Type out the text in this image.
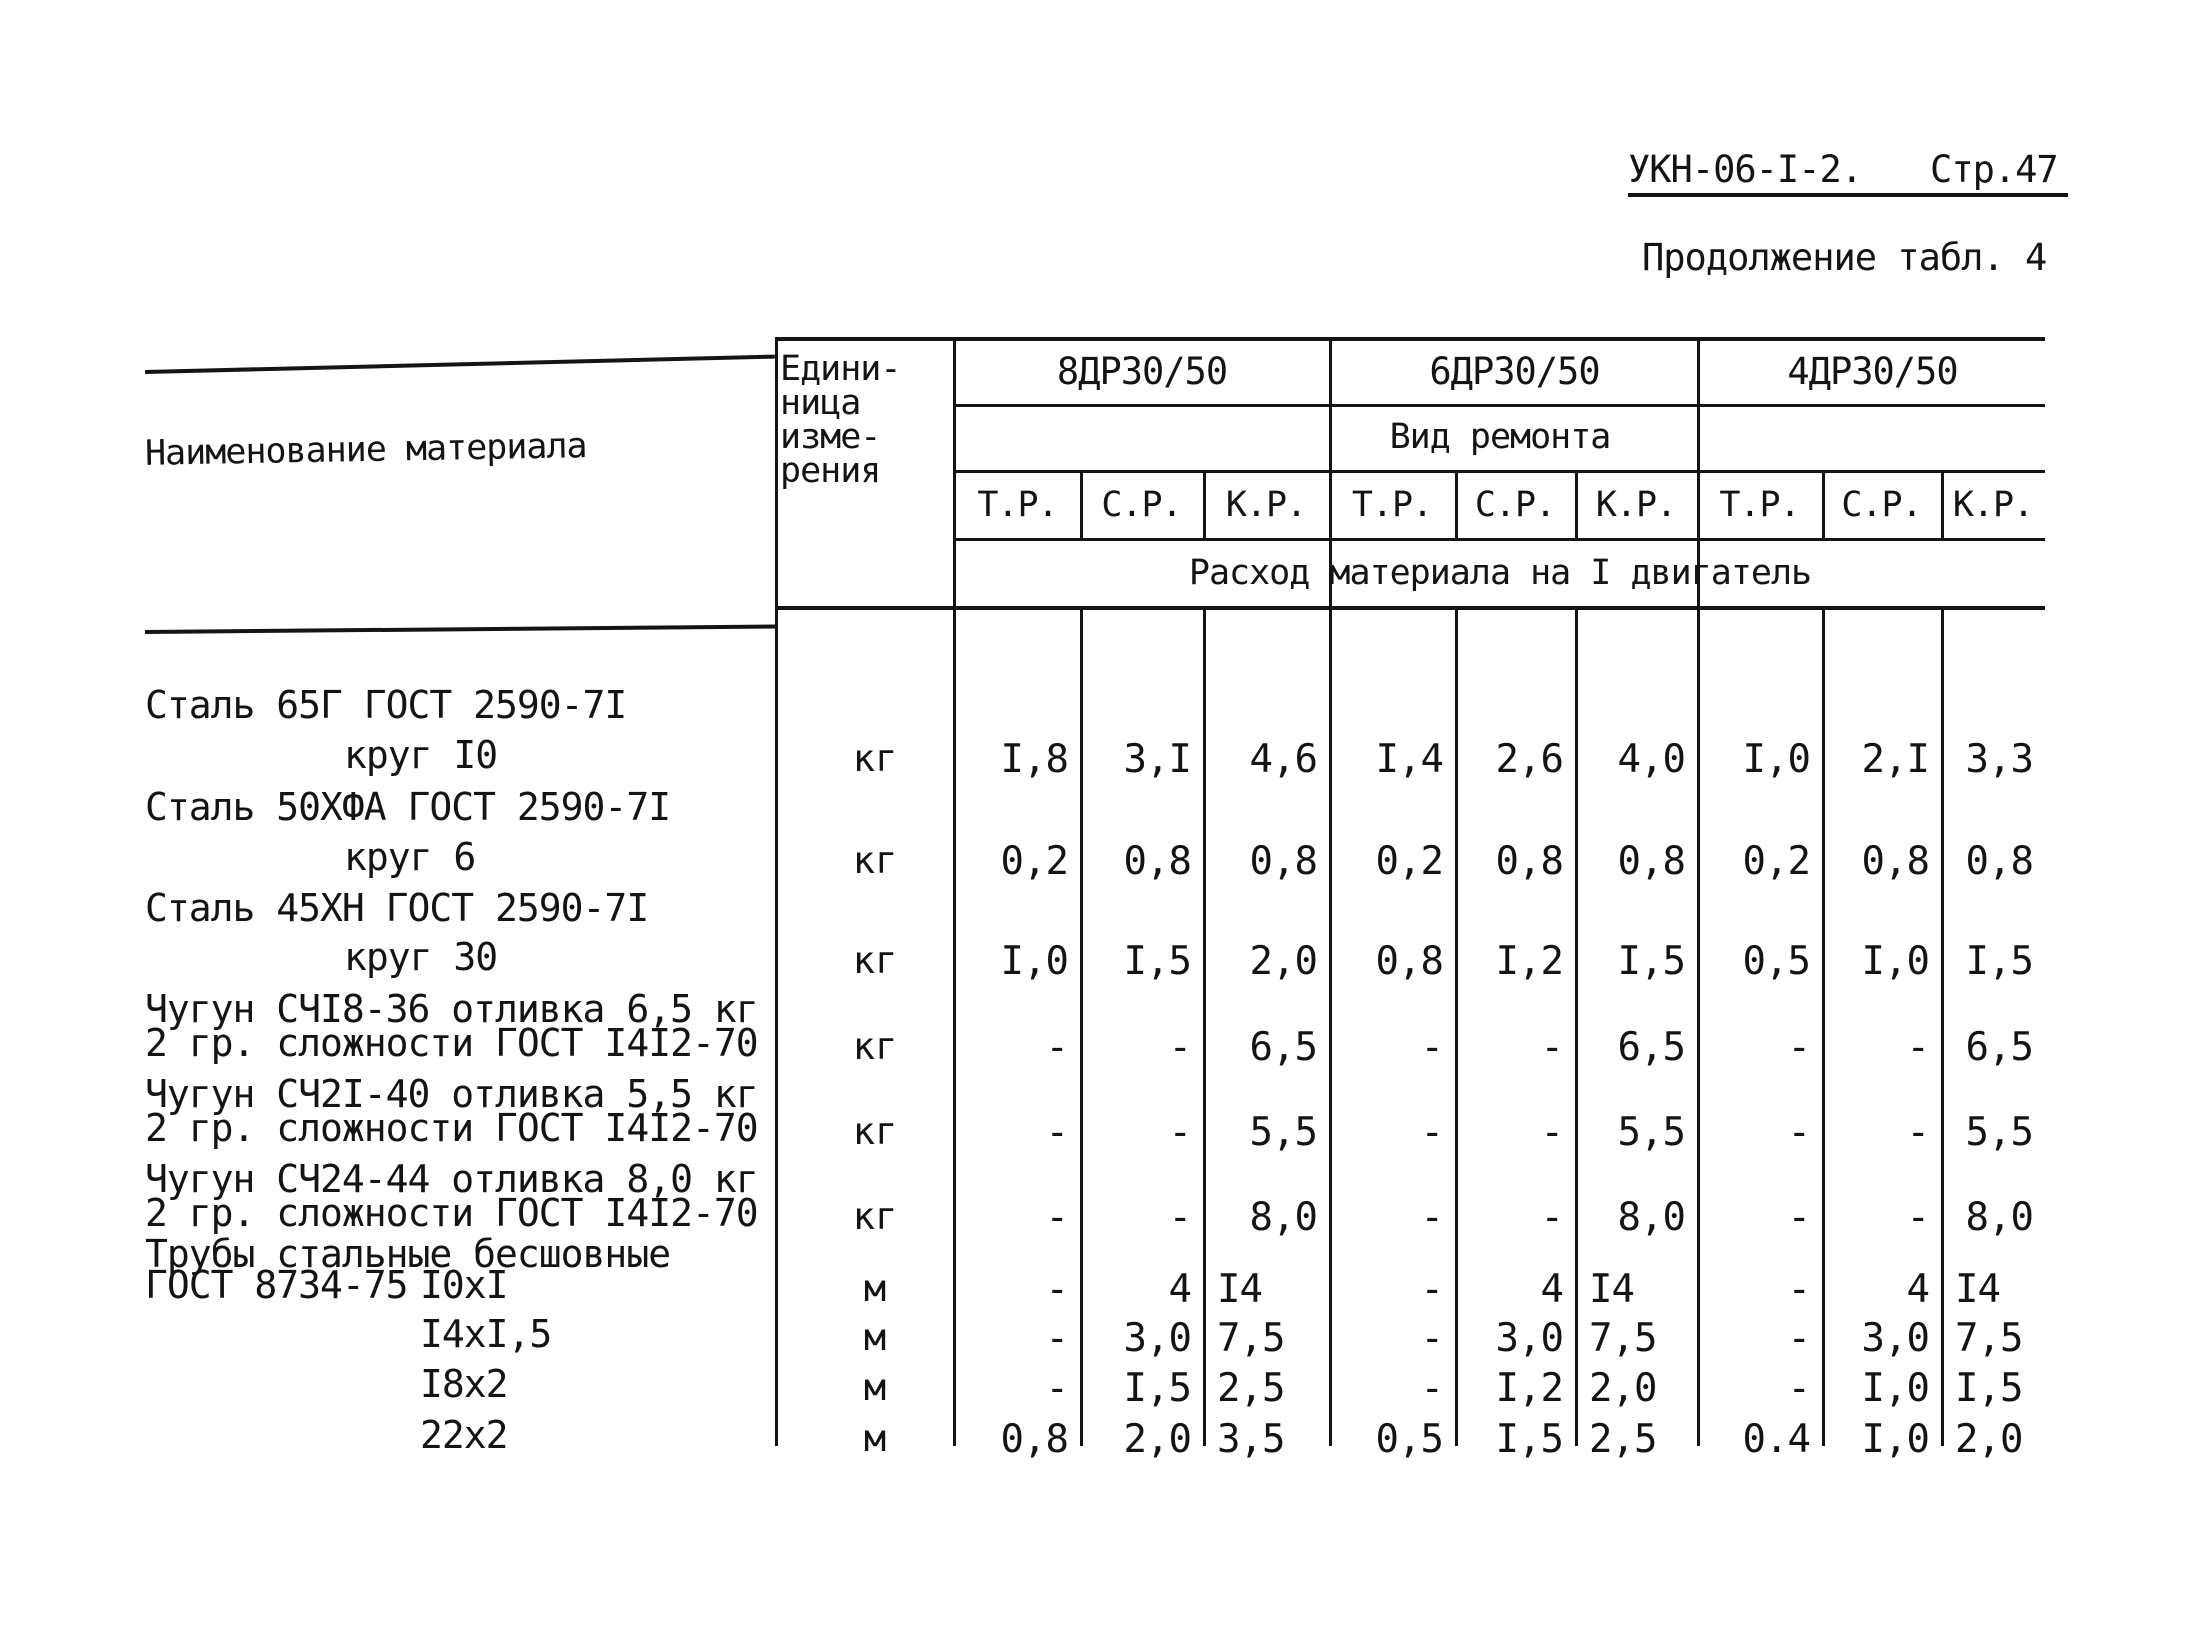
УКН-06-I-2. Стр.47
Продолжение табл. 4
Наименование материала
Едини-
ница
изме-
рения
8ДР30/50	6ДР30/50	4ДР30/50
Вид ремонта
Т.Р.	С.Р.	К.Р.	Т.Р.	С.Р.	К.Р.	Т.Р.	С.Р. К.Р.
Расход материала на I двигатель
Сталь 65Г ГОСТ 2590-7I
круг I0	кг	I,8	3,I	4,6	I,4	2,6	4,0	I,0	2,I 3,3
Сталь 50ХФА ГОСТ 2590-7I
круг 6	кг	0,2	0,8	0,8	0,2	0,8	0,8	0,2	0,8 0,8
Сталь 45ХН ГОСТ 2590-7I
круг 30	кг	I,0	I,5	2,0	0,8	I,2	I,5	0,5	I,0 I,5
Чугун СЧI8-36 отливка 6,5 кг
2 гр. сложности ГОСТ I4I2-70	кг	-	-	6,5	-	-	6,5	-	- 6,5
Чугун СЧ2I-40 отливка 5,5 кг
2 гр. сложности ГОСТ I4I2-70	кг	-	-	5,5	-	-	5,5	-	- 5,5
Чугун СЧ24-44 отливка 8,0 кг
2 гр. сложности ГОСТ I4I2-70	кг	-	-	8,0	-	-	8,0	-	- 8,0
Трубы стальные бесшовные
ГОСТ 8734-75 I0xI	м	-	4 I4	-	4 I4	-	4 I4
I4xI,5	м	-	3,0 7,5	-	3,0 7,5	-	3,0 7,5
I8x2	м	-	I,5 2,5	-	I,2 2,0	-	I,0 I,5
22x2	м	0,8	2,0 3,5	0,5	I,5 2,5	0.4	I,0 2,0
